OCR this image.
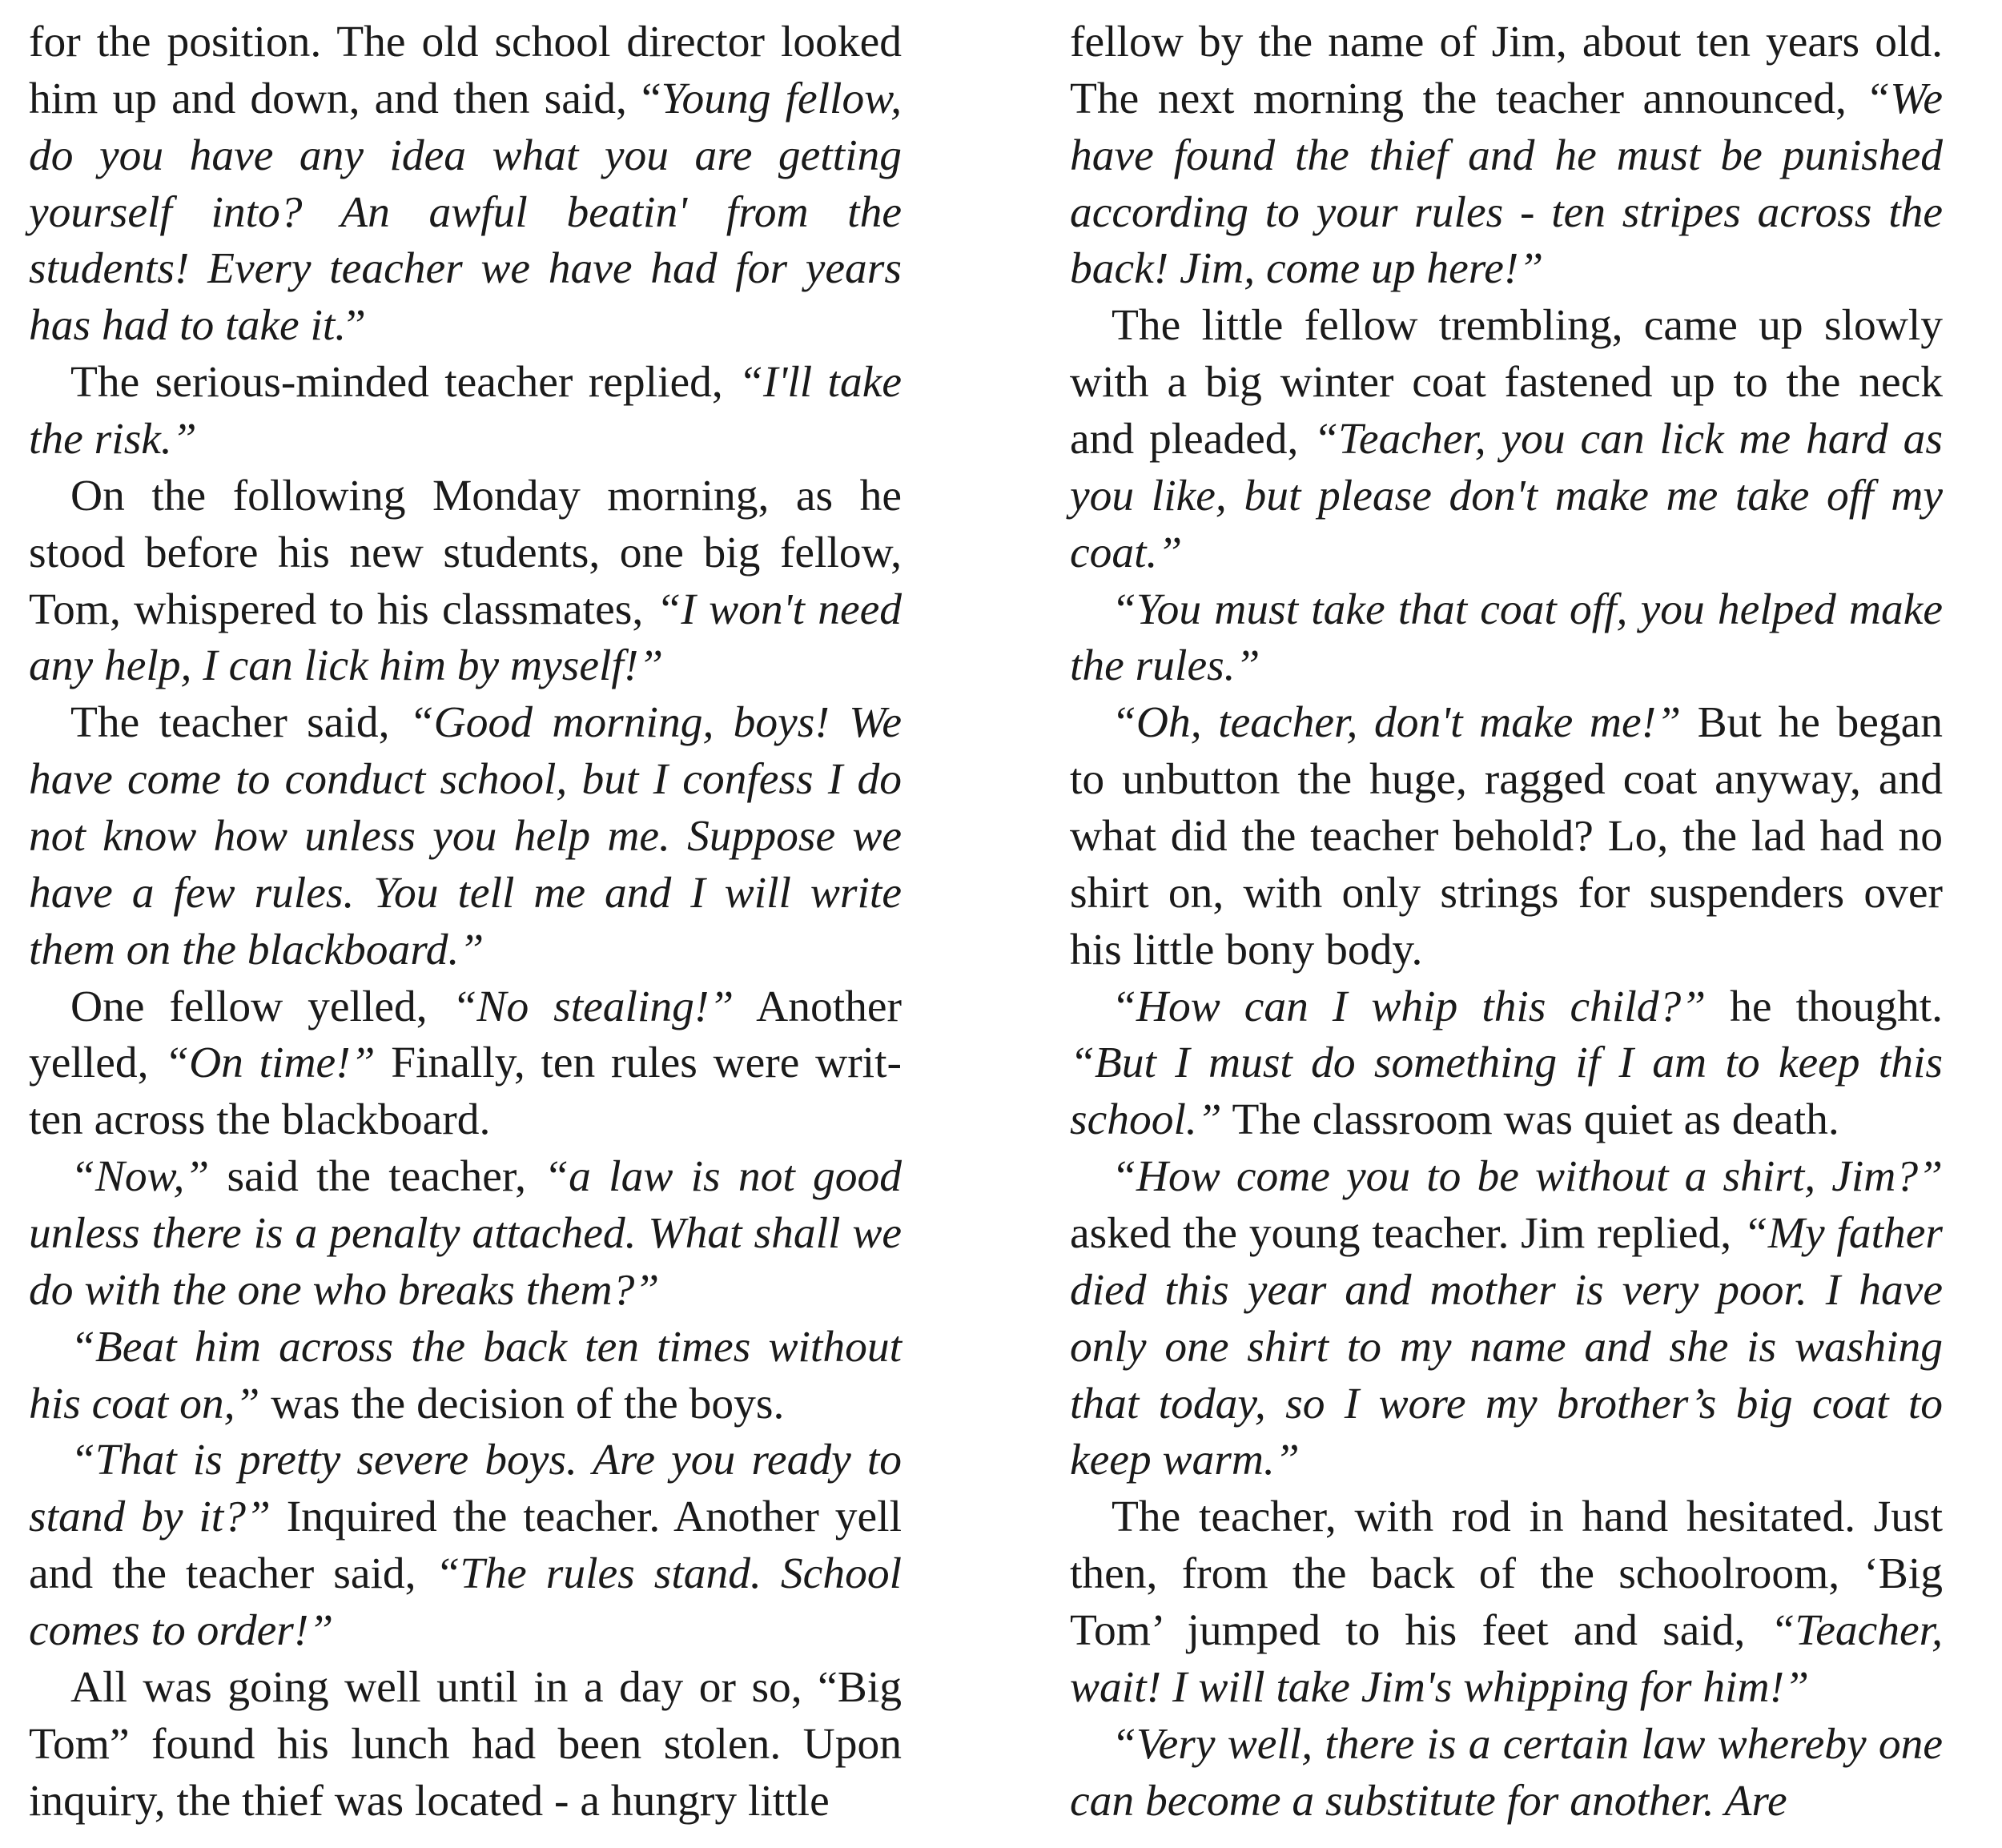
for the position. The old school director looked him up and down, and then said, “Young fellow, do you have any idea what you are getting yourself into? An awful beatin' from the students! Every teacher we have had for years has had to take it.”

The serious-minded teacher replied, “I'll take the risk.”

On the following Monday morning, as he stood before his new students, one big fellow, Tom, whispered to his classmates, “I won't need any help, I can lick him by myself!”

The teacher said, “Good morning, boys! We have come to conduct school, but I confess I do not know how unless you help me. Suppose we have a few rules. You tell me and I will write them on the blackboard.”

One fellow yelled, “No stealing!” Another yelled, “On time!” Finally, ten rules were written across the blackboard.

“Now,” said the teacher, “a law is not good unless there is a penalty attached. What shall we do with the one who breaks them?”

“Beat him across the back ten times without his coat on,” was the decision of the boys.

“That is pretty severe boys. Are you ready to stand by it?” Inquired the teacher. Another yell and the teacher said, “The rules stand. School comes to order!”

All was going well until in a day or so, “Big Tom” found his lunch had been stolen. Upon inquiry, the thief was located - a hungry little

fellow by the name of Jim, about ten years old. The next morning the teacher announced, “We have found the thief and he must be punished according to your rules - ten stripes across the back! Jim, come up here!”

The little fellow trembling, came up slowly with a big winter coat fastened up to the neck and pleaded, “Teacher, you can lick me hard as you like, but please don't make me take off my coat.”

“You must take that coat off, you helped make the rules.”

“Oh, teacher, don't make me!” But he began to unbutton the huge, ragged coat anyway, and what did the teacher behold? Lo, the lad had no shirt on, with only strings for suspenders over his little bony body.

“How can I whip this child?” he thought. “But I must do something if I am to keep this school.” The classroom was quiet as death.

“How come you to be without a shirt, Jim?” asked the young teacher. Jim replied, “My father died this year and mother is very poor. I have only one shirt to my name and she is washing that today, so I wore my brother’s big coat to keep warm.”

The teacher, with rod in hand hesitated. Just then, from the back of the schoolroom, ‘Big Tom’ jumped to his feet and said, “Teacher, wait! I will take Jim's whipping for him!”

“Very well, there is a certain law whereby one can become a substitute for another. Are
